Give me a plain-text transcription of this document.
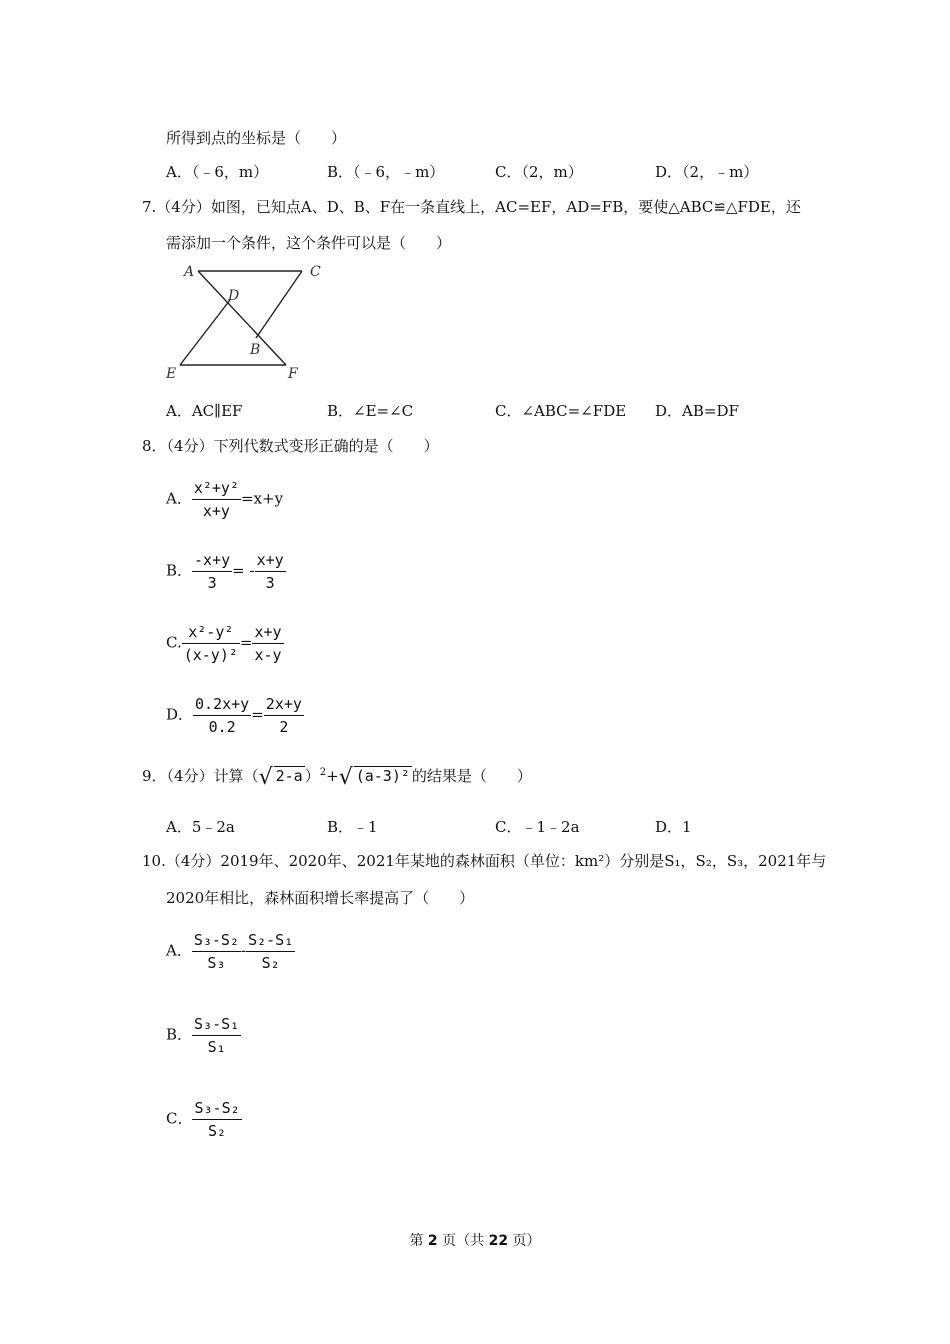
所得到点的坐标是（　　）
A．（﹣6，m）	B．（﹣6，﹣m）	C．（2，m）	D．（2，﹣m）
7.（4分）如图，已知点A、D、B、F在一条直线上，AC=EF，AD=FB，要使△ABC≌△FDE，还
需添加一个条件，这个条件可以是（　　）
A	C
D
B
E	F
A．AC∥EF	B．∠E=∠C	C．∠ABC=∠FDE D．AB=DF
8．（4分）下列代数式变形正确的是（　　）
A． $\frac{\text{x²+y²}}{x+y} =x+y$
B． $\frac{-x+y}{3}$ = - $\frac{x+y}{3}$
C. $\frac{\text{x²-y²}}{\text{(x-y)²}} = \frac{x+y}{x-y}$
D． $\frac{0.2x+y}{0.2} = \frac{2x+y}{2}$
9．（4分）计算（√ 2-a ）$^2$+√ (a-3)² 的结果是（　　）
A．5﹣2a	B．﹣1	C．﹣1﹣2a	D．1
10.（4分）2019年、2020年、2021年某地的森林面积（单位：km²）分别是S₁，S₂，S₃，2021年与
2020年相比，森林面积增长率提高了（　　）
A． $\frac{\text{S₃-S₂}}{\text{S₃}} - \frac{\text{S₂-S₁}}{\text{S₂}}$
B． $\frac{\text{S₃-S₁}}{\text{S₁}}$
C． $\frac{\text{S₃-S₂}}{\text{S₂}}$
第 2 页（共 22 页）
